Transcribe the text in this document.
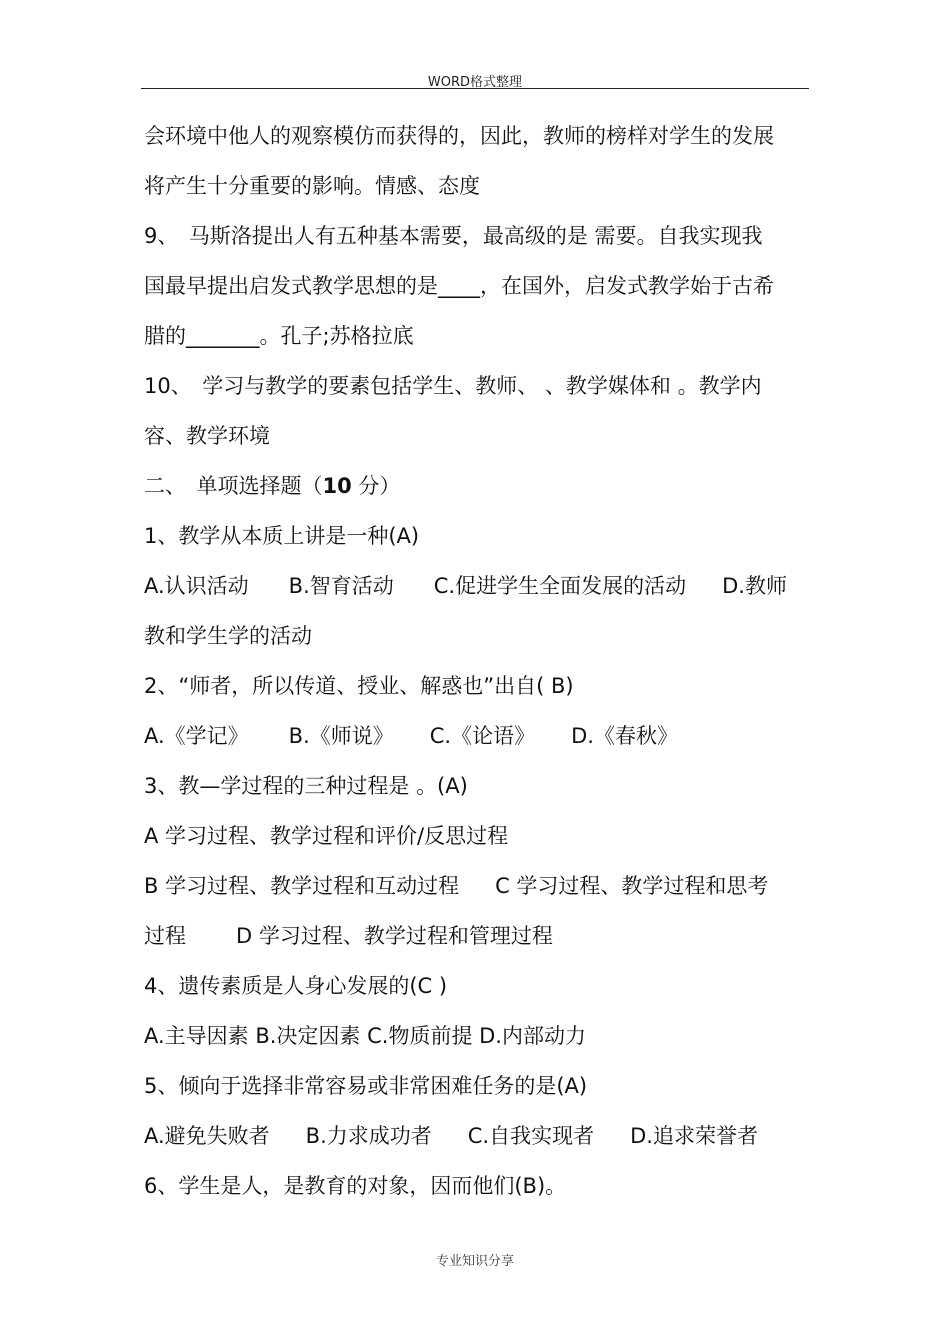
WORD格式整理
会环境中他人的观察模仿而获得的，因此，教师的榜样对学生的发展
将产生十分重要的影响。情感、态度
9、　马斯洛提出人有五种基本需要，最高级的是 需要。自我实现我
国最早提出启发式教学思想的是____，在国外，启发式教学始于古希
腊的_______。孔子;苏格拉底
10、　学习与教学的要素包括学生、教师、 、教学媒体和 。教学内
容、教学环境
二、　单项选择题（10 分）
1、教学从本质上讲是一种(A)
A.认识活动 B.智育活动 C.促进学生全面发展的活动 D.教师
教和学生学的活动
2、“师者，所以传道、授业、解惑也”出自( B)
A.《学记》 B.《师说》 C.《论语》 D.《春秋》
3、教—学过程的三种过程是 。(A)
A 学习过程、教学过程和评价/反思过程
B 学习过程、教学过程和互动过程 C 学习过程、教学过程和思考
过程 D 学习过程、教学过程和管理过程
4、遗传素质是人身心发展的(C )
A.主导因素 B.决定因素 C.物质前提 D.内部动力
5、倾向于选择非常容易或非常困难任务的是(A)
A.避免失败者 B.力求成功者 C.自我实现者 D.追求荣誉者
6、学生是人，是教育的对象，因而他们(B)。
专业知识分享
